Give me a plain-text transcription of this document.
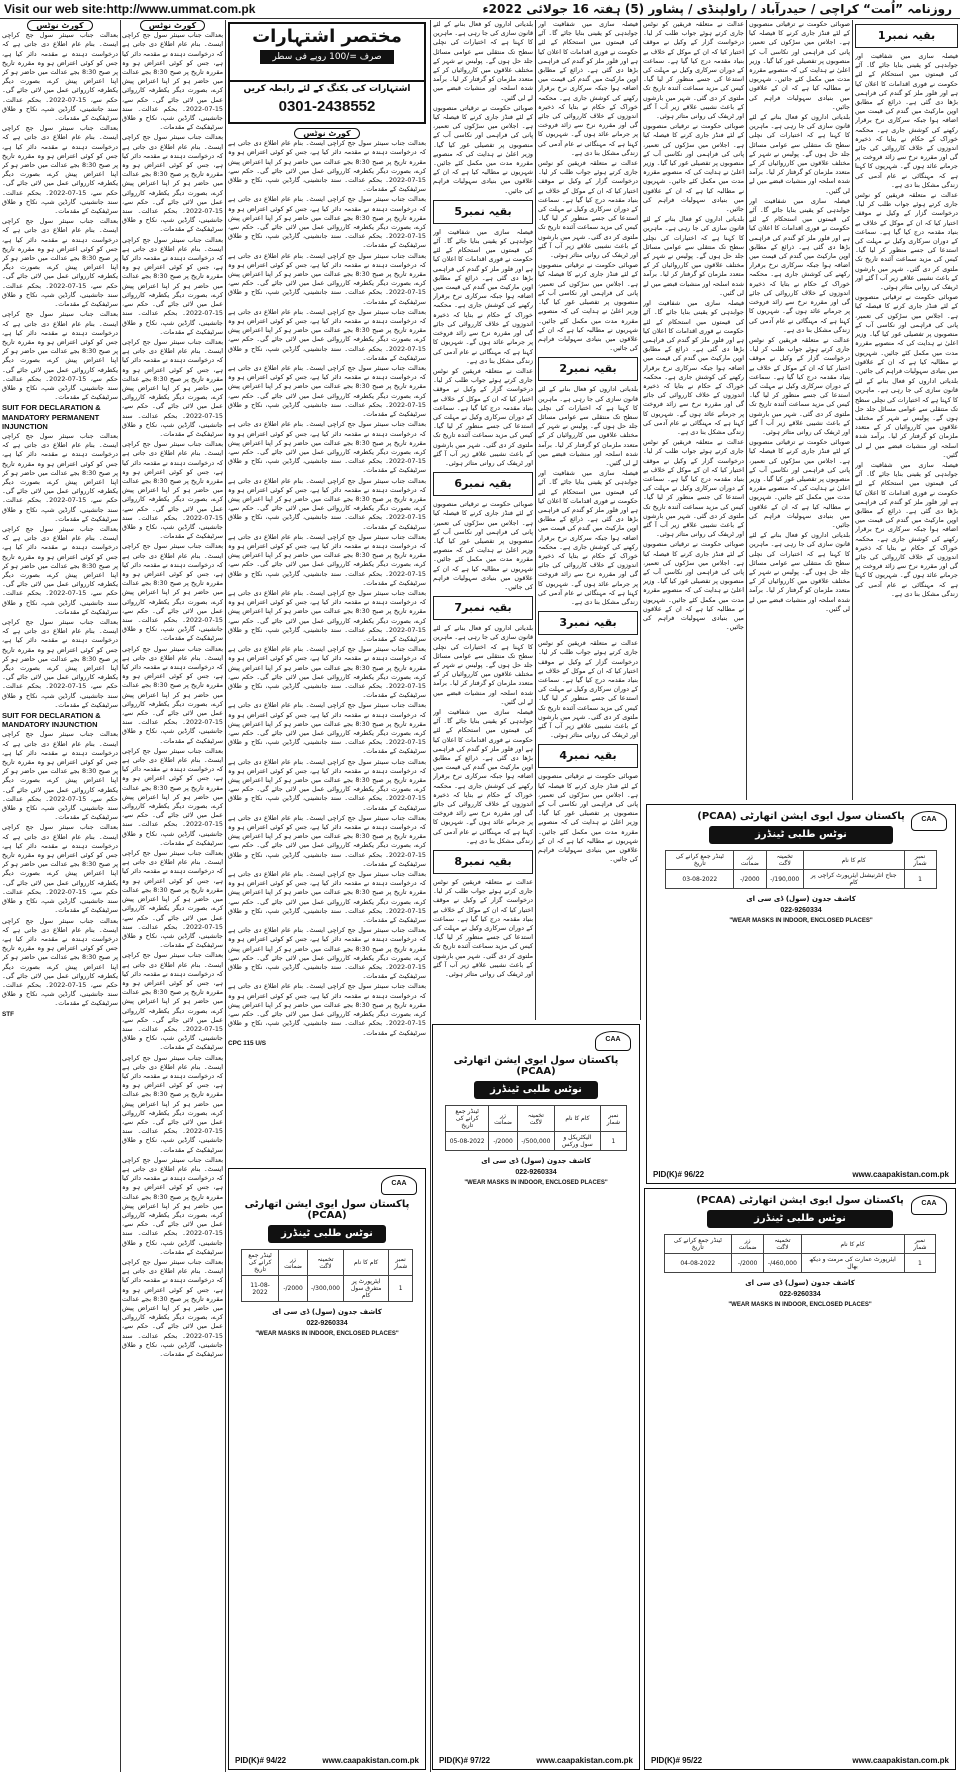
Visit our web site:http://www.ummat.com.pk	روزنامہ ”اُمت“ کراچی / حیدرآباد / راولپنڈی / پشاور (5) ہفتہ 16 جولائی 2022ء
کورٹ نوٹس

بعدالت جناب سینئر سول جج کراچی ایسٹ۔ بنام عام اطلاع دی جاتی ہے کہ درخواست دہندہ نے مقدمہ دائر کیا ہے، جس کو کوئی اعتراض ہو وہ مقررہ تاریخ پر صبح 8:30 بجے عدالت میں حاضر ہو کر اپنا اعتراض پیش کرے، بصورت دیگر یکطرفہ کارروائی عمل میں لائی جائے گی۔ حکم سے، 15-07-2022۔ بحکم عدالت۔ سند جانشینی، گارڈین شپ، نکاح و طلاق سرٹیفکیٹ کے مقدمات۔

بعدالت جناب سینئر سول جج کراچی ایسٹ۔ بنام عام اطلاع دی جاتی ہے کہ درخواست دہندہ نے مقدمہ دائر کیا ہے، جس کو کوئی اعتراض ہو وہ مقررہ تاریخ پر صبح 8:30 بجے عدالت میں حاضر ہو کر اپنا اعتراض پیش کرے، بصورت دیگر یکطرفہ کارروائی عمل میں لائی جائے گی۔ حکم سے، 15-07-2022۔ بحکم عدالت۔ سند جانشینی، گارڈین شپ، نکاح و طلاق سرٹیفکیٹ کے مقدمات۔

بعدالت جناب سینئر سول جج کراچی ایسٹ۔ بنام عام اطلاع دی جاتی ہے کہ درخواست دہندہ نے مقدمہ دائر کیا ہے، جس کو کوئی اعتراض ہو وہ مقررہ تاریخ پر صبح 8:30 بجے عدالت میں حاضر ہو کر اپنا اعتراض پیش کرے، بصورت دیگر یکطرفہ کارروائی عمل میں لائی جائے گی۔ حکم سے، 15-07-2022۔ بحکم عدالت۔ سند جانشینی، گارڈین شپ، نکاح و طلاق سرٹیفکیٹ کے مقدمات۔

بعدالت جناب سینئر سول جج کراچی ایسٹ۔ بنام عام اطلاع دی جاتی ہے کہ درخواست دہندہ نے مقدمہ دائر کیا ہے، جس کو کوئی اعتراض ہو وہ مقررہ تاریخ پر صبح 8:30 بجے عدالت میں حاضر ہو کر اپنا اعتراض پیش کرے، بصورت دیگر یکطرفہ کارروائی عمل میں لائی جائے گی۔ حکم سے، 15-07-2022۔ بحکم عدالت۔ سند جانشینی، گارڈین شپ، نکاح و طلاق سرٹیفکیٹ کے مقدمات۔

SUIT FOR DECLARATION & MANDATORY PERMANENT INJUNCTION

بعدالت جناب سینئر سول جج کراچی ایسٹ۔ بنام عام اطلاع دی جاتی ہے کہ درخواست دہندہ نے مقدمہ دائر کیا ہے، جس کو کوئی اعتراض ہو وہ مقررہ تاریخ پر صبح 8:30 بجے عدالت میں حاضر ہو کر اپنا اعتراض پیش کرے، بصورت دیگر یکطرفہ کارروائی عمل میں لائی جائے گی۔ حکم سے، 15-07-2022۔ بحکم عدالت۔ سند جانشینی، گارڈین شپ، نکاح و طلاق سرٹیفکیٹ کے مقدمات۔

بعدالت جناب سینئر سول جج کراچی ایسٹ۔ بنام عام اطلاع دی جاتی ہے کہ درخواست دہندہ نے مقدمہ دائر کیا ہے، جس کو کوئی اعتراض ہو وہ مقررہ تاریخ پر صبح 8:30 بجے عدالت میں حاضر ہو کر اپنا اعتراض پیش کرے، بصورت دیگر یکطرفہ کارروائی عمل میں لائی جائے گی۔ حکم سے، 15-07-2022۔ بحکم عدالت۔ سند جانشینی، گارڈین شپ، نکاح و طلاق سرٹیفکیٹ کے مقدمات۔

بعدالت جناب سینئر سول جج کراچی ایسٹ۔ بنام عام اطلاع دی جاتی ہے کہ درخواست دہندہ نے مقدمہ دائر کیا ہے، جس کو کوئی اعتراض ہو وہ مقررہ تاریخ پر صبح 8:30 بجے عدالت میں حاضر ہو کر اپنا اعتراض پیش کرے، بصورت دیگر یکطرفہ کارروائی عمل میں لائی جائے گی۔ حکم سے، 15-07-2022۔ بحکم عدالت۔ سند جانشینی، گارڈین شپ، نکاح و طلاق سرٹیفکیٹ کے مقدمات۔

SUIT FOR DECLARATION & MANDATORY INJUNCTION

بعدالت جناب سینئر سول جج کراچی ایسٹ۔ بنام عام اطلاع دی جاتی ہے کہ درخواست دہندہ نے مقدمہ دائر کیا ہے، جس کو کوئی اعتراض ہو وہ مقررہ تاریخ پر صبح 8:30 بجے عدالت میں حاضر ہو کر اپنا اعتراض پیش کرے، بصورت دیگر یکطرفہ کارروائی عمل میں لائی جائے گی۔ حکم سے، 15-07-2022۔ بحکم عدالت۔ سند جانشینی، گارڈین شپ، نکاح و طلاق سرٹیفکیٹ کے مقدمات۔

بعدالت جناب سینئر سول جج کراچی ایسٹ۔ بنام عام اطلاع دی جاتی ہے کہ درخواست دہندہ نے مقدمہ دائر کیا ہے، جس کو کوئی اعتراض ہو وہ مقررہ تاریخ پر صبح 8:30 بجے عدالت میں حاضر ہو کر اپنا اعتراض پیش کرے، بصورت دیگر یکطرفہ کارروائی عمل میں لائی جائے گی۔ حکم سے، 15-07-2022۔ بحکم عدالت۔ سند جانشینی، گارڈین شپ، نکاح و طلاق سرٹیفکیٹ کے مقدمات۔

بعدالت جناب سینئر سول جج کراچی ایسٹ۔ بنام عام اطلاع دی جاتی ہے کہ درخواست دہندہ نے مقدمہ دائر کیا ہے، جس کو کوئی اعتراض ہو وہ مقررہ تاریخ پر صبح 8:30 بجے عدالت میں حاضر ہو کر اپنا اعتراض پیش کرے، بصورت دیگر یکطرفہ کارروائی عمل میں لائی جائے گی۔ حکم سے، 15-07-2022۔ بحکم عدالت۔ سند جانشینی، گارڈین شپ، نکاح و طلاق سرٹیفکیٹ کے مقدمات۔

STF

کورٹ نوٹس

بعدالت جناب سینئر سول جج کراچی ایسٹ۔ بنام عام اطلاع دی جاتی ہے کہ درخواست دہندہ نے مقدمہ دائر کیا ہے، جس کو کوئی اعتراض ہو وہ مقررہ تاریخ پر صبح 8:30 بجے عدالت میں حاضر ہو کر اپنا اعتراض پیش کرے، بصورت دیگر یکطرفہ کارروائی عمل میں لائی جائے گی۔ حکم سے، 15-07-2022۔ بحکم عدالت۔ سند جانشینی، گارڈین شپ، نکاح و طلاق سرٹیفکیٹ کے مقدمات۔

بعدالت جناب سینئر سول جج کراچی ایسٹ۔ بنام عام اطلاع دی جاتی ہے کہ درخواست دہندہ نے مقدمہ دائر کیا ہے، جس کو کوئی اعتراض ہو وہ مقررہ تاریخ پر صبح 8:30 بجے عدالت میں حاضر ہو کر اپنا اعتراض پیش کرے، بصورت دیگر یکطرفہ کارروائی عمل میں لائی جائے گی۔ حکم سے، 15-07-2022۔ بحکم عدالت۔ سند جانشینی، گارڈین شپ، نکاح و طلاق سرٹیفکیٹ کے مقدمات۔

بعدالت جناب سینئر سول جج کراچی ایسٹ۔ بنام عام اطلاع دی جاتی ہے کہ درخواست دہندہ نے مقدمہ دائر کیا ہے، جس کو کوئی اعتراض ہو وہ مقررہ تاریخ پر صبح 8:30 بجے عدالت میں حاضر ہو کر اپنا اعتراض پیش کرے، بصورت دیگر یکطرفہ کارروائی عمل میں لائی جائے گی۔ حکم سے، 15-07-2022۔ بحکم عدالت۔ سند جانشینی، گارڈین شپ، نکاح و طلاق سرٹیفکیٹ کے مقدمات۔

بعدالت جناب سینئر سول جج کراچی ایسٹ۔ بنام عام اطلاع دی جاتی ہے کہ درخواست دہندہ نے مقدمہ دائر کیا ہے، جس کو کوئی اعتراض ہو وہ مقررہ تاریخ پر صبح 8:30 بجے عدالت میں حاضر ہو کر اپنا اعتراض پیش کرے، بصورت دیگر یکطرفہ کارروائی عمل میں لائی جائے گی۔ حکم سے، 15-07-2022۔ بحکم عدالت۔ سند جانشینی، گارڈین شپ، نکاح و طلاق سرٹیفکیٹ کے مقدمات۔

بعدالت جناب سینئر سول جج کراچی ایسٹ۔ بنام عام اطلاع دی جاتی ہے کہ درخواست دہندہ نے مقدمہ دائر کیا ہے، جس کو کوئی اعتراض ہو وہ مقررہ تاریخ پر صبح 8:30 بجے عدالت میں حاضر ہو کر اپنا اعتراض پیش کرے، بصورت دیگر یکطرفہ کارروائی عمل میں لائی جائے گی۔ حکم سے، 15-07-2022۔ بحکم عدالت۔ سند جانشینی، گارڈین شپ، نکاح و طلاق سرٹیفکیٹ کے مقدمات۔

بعدالت جناب سینئر سول جج کراچی ایسٹ۔ بنام عام اطلاع دی جاتی ہے کہ درخواست دہندہ نے مقدمہ دائر کیا ہے، جس کو کوئی اعتراض ہو وہ مقررہ تاریخ پر صبح 8:30 بجے عدالت میں حاضر ہو کر اپنا اعتراض پیش کرے، بصورت دیگر یکطرفہ کارروائی عمل میں لائی جائے گی۔ حکم سے، 15-07-2022۔ بحکم عدالت۔ سند جانشینی، گارڈین شپ، نکاح و طلاق سرٹیفکیٹ کے مقدمات۔

بعدالت جناب سینئر سول جج کراچی ایسٹ۔ بنام عام اطلاع دی جاتی ہے کہ درخواست دہندہ نے مقدمہ دائر کیا ہے، جس کو کوئی اعتراض ہو وہ مقررہ تاریخ پر صبح 8:30 بجے عدالت میں حاضر ہو کر اپنا اعتراض پیش کرے، بصورت دیگر یکطرفہ کارروائی عمل میں لائی جائے گی۔ حکم سے، 15-07-2022۔ بحکم عدالت۔ سند جانشینی، گارڈین شپ، نکاح و طلاق سرٹیفکیٹ کے مقدمات۔

بعدالت جناب سینئر سول جج کراچی ایسٹ۔ بنام عام اطلاع دی جاتی ہے کہ درخواست دہندہ نے مقدمہ دائر کیا ہے، جس کو کوئی اعتراض ہو وہ مقررہ تاریخ پر صبح 8:30 بجے عدالت میں حاضر ہو کر اپنا اعتراض پیش کرے، بصورت دیگر یکطرفہ کارروائی عمل میں لائی جائے گی۔ حکم سے، 15-07-2022۔ بحکم عدالت۔ سند جانشینی، گارڈین شپ، نکاح و طلاق سرٹیفکیٹ کے مقدمات۔

بعدالت جناب سینئر سول جج کراچی ایسٹ۔ بنام عام اطلاع دی جاتی ہے کہ درخواست دہندہ نے مقدمہ دائر کیا ہے، جس کو کوئی اعتراض ہو وہ مقررہ تاریخ پر صبح 8:30 بجے عدالت میں حاضر ہو کر اپنا اعتراض پیش کرے، بصورت دیگر یکطرفہ کارروائی عمل میں لائی جائے گی۔ حکم سے، 15-07-2022۔ بحکم عدالت۔ سند جانشینی، گارڈین شپ، نکاح و طلاق سرٹیفکیٹ کے مقدمات۔

بعدالت جناب سینئر سول جج کراچی ایسٹ۔ بنام عام اطلاع دی جاتی ہے کہ درخواست دہندہ نے مقدمہ دائر کیا ہے، جس کو کوئی اعتراض ہو وہ مقررہ تاریخ پر صبح 8:30 بجے عدالت میں حاضر ہو کر اپنا اعتراض پیش کرے، بصورت دیگر یکطرفہ کارروائی عمل میں لائی جائے گی۔ حکم سے، 15-07-2022۔ بحکم عدالت۔ سند جانشینی، گارڈین شپ، نکاح و طلاق سرٹیفکیٹ کے مقدمات۔

بعدالت جناب سینئر سول جج کراچی ایسٹ۔ بنام عام اطلاع دی جاتی ہے کہ درخواست دہندہ نے مقدمہ دائر کیا ہے، جس کو کوئی اعتراض ہو وہ مقررہ تاریخ پر صبح 8:30 بجے عدالت میں حاضر ہو کر اپنا اعتراض پیش کرے، بصورت دیگر یکطرفہ کارروائی عمل میں لائی جائے گی۔ حکم سے، 15-07-2022۔ بحکم عدالت۔ سند جانشینی، گارڈین شپ، نکاح و طلاق سرٹیفکیٹ کے مقدمات۔

بعدالت جناب سینئر سول جج کراچی ایسٹ۔ بنام عام اطلاع دی جاتی ہے کہ درخواست دہندہ نے مقدمہ دائر کیا ہے، جس کو کوئی اعتراض ہو وہ مقررہ تاریخ پر صبح 8:30 بجے عدالت میں حاضر ہو کر اپنا اعتراض پیش کرے، بصورت دیگر یکطرفہ کارروائی عمل میں لائی جائے گی۔ حکم سے، 15-07-2022۔ بحکم عدالت۔ سند جانشینی، گارڈین شپ، نکاح و طلاق سرٹیفکیٹ کے مقدمات۔

بعدالت جناب سینئر سول جج کراچی ایسٹ۔ بنام عام اطلاع دی جاتی ہے کہ درخواست دہندہ نے مقدمہ دائر کیا ہے، جس کو کوئی اعتراض ہو وہ مقررہ تاریخ پر صبح 8:30 بجے عدالت میں حاضر ہو کر اپنا اعتراض پیش کرے، بصورت دیگر یکطرفہ کارروائی عمل میں لائی جائے گی۔ حکم سے، 15-07-2022۔ بحکم عدالت۔ سند جانشینی، گارڈین شپ، نکاح و طلاق سرٹیفکیٹ کے مقدمات۔

مختصر اشتہارات
صرف =/100 روپے فی سطر
اشتہارات کی بکنگ کے لئے رابطہ کریں
0301-2438552
کورٹ نوٹس

بعدالت جناب سینئر سول جج کراچی ایسٹ۔ بنام عام اطلاع دی جاتی ہے کہ درخواست دہندہ نے مقدمہ دائر کیا ہے، جس کو کوئی اعتراض ہو وہ مقررہ تاریخ پر صبح 8:30 بجے عدالت میں حاضر ہو کر اپنا اعتراض پیش کرے، بصورت دیگر یکطرفہ کارروائی عمل میں لائی جائے گی۔ حکم سے، 15-07-2022۔ بحکم عدالت۔ سند جانشینی، گارڈین شپ، نکاح و طلاق سرٹیفکیٹ کے مقدمات۔

بعدالت جناب سینئر سول جج کراچی ایسٹ۔ بنام عام اطلاع دی جاتی ہے کہ درخواست دہندہ نے مقدمہ دائر کیا ہے، جس کو کوئی اعتراض ہو وہ مقررہ تاریخ پر صبح 8:30 بجے عدالت میں حاضر ہو کر اپنا اعتراض پیش کرے، بصورت دیگر یکطرفہ کارروائی عمل میں لائی جائے گی۔ حکم سے، 15-07-2022۔ بحکم عدالت۔ سند جانشینی، گارڈین شپ، نکاح و طلاق سرٹیفکیٹ کے مقدمات۔

بعدالت جناب سینئر سول جج کراچی ایسٹ۔ بنام عام اطلاع دی جاتی ہے کہ درخواست دہندہ نے مقدمہ دائر کیا ہے، جس کو کوئی اعتراض ہو وہ مقررہ تاریخ پر صبح 8:30 بجے عدالت میں حاضر ہو کر اپنا اعتراض پیش کرے، بصورت دیگر یکطرفہ کارروائی عمل میں لائی جائے گی۔ حکم سے، 15-07-2022۔ بحکم عدالت۔ سند جانشینی، گارڈین شپ، نکاح و طلاق سرٹیفکیٹ کے مقدمات۔

بعدالت جناب سینئر سول جج کراچی ایسٹ۔ بنام عام اطلاع دی جاتی ہے کہ درخواست دہندہ نے مقدمہ دائر کیا ہے، جس کو کوئی اعتراض ہو وہ مقررہ تاریخ پر صبح 8:30 بجے عدالت میں حاضر ہو کر اپنا اعتراض پیش کرے، بصورت دیگر یکطرفہ کارروائی عمل میں لائی جائے گی۔ حکم سے، 15-07-2022۔ بحکم عدالت۔ سند جانشینی، گارڈین شپ، نکاح و طلاق سرٹیفکیٹ کے مقدمات۔

بعدالت جناب سینئر سول جج کراچی ایسٹ۔ بنام عام اطلاع دی جاتی ہے کہ درخواست دہندہ نے مقدمہ دائر کیا ہے، جس کو کوئی اعتراض ہو وہ مقررہ تاریخ پر صبح 8:30 بجے عدالت میں حاضر ہو کر اپنا اعتراض پیش کرے، بصورت دیگر یکطرفہ کارروائی عمل میں لائی جائے گی۔ حکم سے، 15-07-2022۔ بحکم عدالت۔ سند جانشینی، گارڈین شپ، نکاح و طلاق سرٹیفکیٹ کے مقدمات۔

بعدالت جناب سینئر سول جج کراچی ایسٹ۔ بنام عام اطلاع دی جاتی ہے کہ درخواست دہندہ نے مقدمہ دائر کیا ہے، جس کو کوئی اعتراض ہو وہ مقررہ تاریخ پر صبح 8:30 بجے عدالت میں حاضر ہو کر اپنا اعتراض پیش کرے، بصورت دیگر یکطرفہ کارروائی عمل میں لائی جائے گی۔ حکم سے، 15-07-2022۔ بحکم عدالت۔ سند جانشینی، گارڈین شپ، نکاح و طلاق سرٹیفکیٹ کے مقدمات۔

بعدالت جناب سینئر سول جج کراچی ایسٹ۔ بنام عام اطلاع دی جاتی ہے کہ درخواست دہندہ نے مقدمہ دائر کیا ہے، جس کو کوئی اعتراض ہو وہ مقررہ تاریخ پر صبح 8:30 بجے عدالت میں حاضر ہو کر اپنا اعتراض پیش کرے، بصورت دیگر یکطرفہ کارروائی عمل میں لائی جائے گی۔ حکم سے، 15-07-2022۔ بحکم عدالت۔ سند جانشینی، گارڈین شپ، نکاح و طلاق سرٹیفکیٹ کے مقدمات۔

بعدالت جناب سینئر سول جج کراچی ایسٹ۔ بنام عام اطلاع دی جاتی ہے کہ درخواست دہندہ نے مقدمہ دائر کیا ہے، جس کو کوئی اعتراض ہو وہ مقررہ تاریخ پر صبح 8:30 بجے عدالت میں حاضر ہو کر اپنا اعتراض پیش کرے، بصورت دیگر یکطرفہ کارروائی عمل میں لائی جائے گی۔ حکم سے، 15-07-2022۔ بحکم عدالت۔ سند جانشینی، گارڈین شپ، نکاح و طلاق سرٹیفکیٹ کے مقدمات۔

بعدالت جناب سینئر سول جج کراچی ایسٹ۔ بنام عام اطلاع دی جاتی ہے کہ درخواست دہندہ نے مقدمہ دائر کیا ہے، جس کو کوئی اعتراض ہو وہ مقررہ تاریخ پر صبح 8:30 بجے عدالت میں حاضر ہو کر اپنا اعتراض پیش کرے، بصورت دیگر یکطرفہ کارروائی عمل میں لائی جائے گی۔ حکم سے، 15-07-2022۔ بحکم عدالت۔ سند جانشینی، گارڈین شپ، نکاح و طلاق سرٹیفکیٹ کے مقدمات۔

بعدالت جناب سینئر سول جج کراچی ایسٹ۔ بنام عام اطلاع دی جاتی ہے کہ درخواست دہندہ نے مقدمہ دائر کیا ہے، جس کو کوئی اعتراض ہو وہ مقررہ تاریخ پر صبح 8:30 بجے عدالت میں حاضر ہو کر اپنا اعتراض پیش کرے، بصورت دیگر یکطرفہ کارروائی عمل میں لائی جائے گی۔ حکم سے، 15-07-2022۔ بحکم عدالت۔ سند جانشینی، گارڈین شپ، نکاح و طلاق سرٹیفکیٹ کے مقدمات۔

بعدالت جناب سینئر سول جج کراچی ایسٹ۔ بنام عام اطلاع دی جاتی ہے کہ درخواست دہندہ نے مقدمہ دائر کیا ہے، جس کو کوئی اعتراض ہو وہ مقررہ تاریخ پر صبح 8:30 بجے عدالت میں حاضر ہو کر اپنا اعتراض پیش کرے، بصورت دیگر یکطرفہ کارروائی عمل میں لائی جائے گی۔ حکم سے، 15-07-2022۔ بحکم عدالت۔ سند جانشینی، گارڈین شپ، نکاح و طلاق سرٹیفکیٹ کے مقدمات۔

بعدالت جناب سینئر سول جج کراچی ایسٹ۔ بنام عام اطلاع دی جاتی ہے کہ درخواست دہندہ نے مقدمہ دائر کیا ہے، جس کو کوئی اعتراض ہو وہ مقررہ تاریخ پر صبح 8:30 بجے عدالت میں حاضر ہو کر اپنا اعتراض پیش کرے، بصورت دیگر یکطرفہ کارروائی عمل میں لائی جائے گی۔ حکم سے، 15-07-2022۔ بحکم عدالت۔ سند جانشینی، گارڈین شپ، نکاح و طلاق سرٹیفکیٹ کے مقدمات۔

بعدالت جناب سینئر سول جج کراچی ایسٹ۔ بنام عام اطلاع دی جاتی ہے کہ درخواست دہندہ نے مقدمہ دائر کیا ہے، جس کو کوئی اعتراض ہو وہ مقررہ تاریخ پر صبح 8:30 بجے عدالت میں حاضر ہو کر اپنا اعتراض پیش کرے، بصورت دیگر یکطرفہ کارروائی عمل میں لائی جائے گی۔ حکم سے، 15-07-2022۔ بحکم عدالت۔ سند جانشینی، گارڈین شپ، نکاح و طلاق سرٹیفکیٹ کے مقدمات۔

بعدالت جناب سینئر سول جج کراچی ایسٹ۔ بنام عام اطلاع دی جاتی ہے کہ درخواست دہندہ نے مقدمہ دائر کیا ہے، جس کو کوئی اعتراض ہو وہ مقررہ تاریخ پر صبح 8:30 بجے عدالت میں حاضر ہو کر اپنا اعتراض پیش کرے، بصورت دیگر یکطرفہ کارروائی عمل میں لائی جائے گی۔ حکم سے، 15-07-2022۔ بحکم عدالت۔ سند جانشینی، گارڈین شپ، نکاح و طلاق سرٹیفکیٹ کے مقدمات۔

بعدالت جناب سینئر سول جج کراچی ایسٹ۔ بنام عام اطلاع دی جاتی ہے کہ درخواست دہندہ نے مقدمہ دائر کیا ہے، جس کو کوئی اعتراض ہو وہ مقررہ تاریخ پر صبح 8:30 بجے عدالت میں حاضر ہو کر اپنا اعتراض پیش کرے، بصورت دیگر یکطرفہ کارروائی عمل میں لائی جائے گی۔ حکم سے، 15-07-2022۔ بحکم عدالت۔ سند جانشینی، گارڈین شپ، نکاح و طلاق سرٹیفکیٹ کے مقدمات۔

بعدالت جناب سینئر سول جج کراچی ایسٹ۔ بنام عام اطلاع دی جاتی ہے کہ درخواست دہندہ نے مقدمہ دائر کیا ہے، جس کو کوئی اعتراض ہو وہ مقررہ تاریخ پر صبح 8:30 بجے عدالت میں حاضر ہو کر اپنا اعتراض پیش کرے، بصورت دیگر یکطرفہ کارروائی عمل میں لائی جائے گی۔ حکم سے، 15-07-2022۔ بحکم عدالت۔ سند جانشینی، گارڈین شپ، نکاح و طلاق سرٹیفکیٹ کے مقدمات۔

CPC 115 U/S

بلدیاتی اداروں کو فعال بنانے کے لئے قانون سازی کی جا رہی ہے۔ ماہرین کا کہنا ہے کہ اختیارات کی نچلی سطح تک منتقلی سے عوامی مسائل جلد حل ہوں گے۔ پولیس نے شہر کے مختلف علاقوں میں کارروائیاں کر کے متعدد ملزمان کو گرفتار کر لیا۔ برآمد شدہ اسلحہ اور منشیات قبضے میں لے لی گئیں۔

صوبائی حکومت نے ترقیاتی منصوبوں کے لئے فنڈز جاری کرنے کا فیصلہ کیا ہے۔ اجلاس میں سڑکوں کی تعمیر، پانی کی فراہمی اور نکاسی آب کے منصوبوں پر تفصیلی غور کیا گیا۔ وزیر اعلیٰ نے ہدایت کی کہ منصوبے مقررہ مدت میں مکمل کئے جائیں۔ شہریوں نے مطالبہ کیا ہے کہ ان کے علاقوں میں بنیادی سہولیات فراہم کی جائیں۔

بقیہ نمبر5

فیصلہ سازی میں شفافیت اور جوابدہی کو یقینی بنایا جائے گا۔ آٹے کی قیمتوں میں استحکام کے لئے حکومت نے فوری اقدامات کا اعلان کیا ہے اور فلور ملز کو گندم کی فراہمی بڑھا دی گئی ہے۔ ذرائع کے مطابق اوپن مارکیٹ میں گندم کی قیمت میں اضافہ ہوا جبکہ سرکاری نرخ برقرار رکھنے کی کوشش جاری ہے۔ محکمہ خوراک کے حکام نے بتایا کہ ذخیرہ اندوزوں کے خلاف کارروائی کی جائے گی اور مقررہ نرخ سے زائد فروخت پر جرمانے عائد ہوں گے۔ شہریوں کا کہنا ہے کہ مہنگائی نے عام آدمی کی زندگی مشکل بنا دی ہے۔

عدالت نے متعلقہ فریقین کو نوٹس جاری کرتے ہوئے جواب طلب کر لیا۔ درخواست گزار کے وکیل نے موقف اختیار کیا کہ ان کے موکل کے خلاف بے بنیاد مقدمہ درج کیا گیا ہے۔ سماعت کے دوران سرکاری وکیل نے مہلت کی استدعا کی جسے منظور کر لیا گیا۔ کیس کی مزید سماعت آئندہ تاریخ تک ملتوی کر دی گئی۔ شہر میں بارشوں کے باعث نشیبی علاقے زیر آب آ گئے اور ٹریفک کی روانی متاثر ہوئی۔

بقیہ نمبر6

صوبائی حکومت نے ترقیاتی منصوبوں کے لئے فنڈز جاری کرنے کا فیصلہ کیا ہے۔ اجلاس میں سڑکوں کی تعمیر، پانی کی فراہمی اور نکاسی آب کے منصوبوں پر تفصیلی غور کیا گیا۔ وزیر اعلیٰ نے ہدایت کی کہ منصوبے مقررہ مدت میں مکمل کئے جائیں۔ شہریوں نے مطالبہ کیا ہے کہ ان کے علاقوں میں بنیادی سہولیات فراہم کی جائیں۔

بقیہ نمبر7

بلدیاتی اداروں کو فعال بنانے کے لئے قانون سازی کی جا رہی ہے۔ ماہرین کا کہنا ہے کہ اختیارات کی نچلی سطح تک منتقلی سے عوامی مسائل جلد حل ہوں گے۔ پولیس نے شہر کے مختلف علاقوں میں کارروائیاں کر کے متعدد ملزمان کو گرفتار کر لیا۔ برآمد شدہ اسلحہ اور منشیات قبضے میں لے لی گئیں۔

فیصلہ سازی میں شفافیت اور جوابدہی کو یقینی بنایا جائے گا۔ آٹے کی قیمتوں میں استحکام کے لئے حکومت نے فوری اقدامات کا اعلان کیا ہے اور فلور ملز کو گندم کی فراہمی بڑھا دی گئی ہے۔ ذرائع کے مطابق اوپن مارکیٹ میں گندم کی قیمت میں اضافہ ہوا جبکہ سرکاری نرخ برقرار رکھنے کی کوشش جاری ہے۔ محکمہ خوراک کے حکام نے بتایا کہ ذخیرہ اندوزوں کے خلاف کارروائی کی جائے گی اور مقررہ نرخ سے زائد فروخت پر جرمانے عائد ہوں گے۔ شہریوں کا کہنا ہے کہ مہنگائی نے عام آدمی کی زندگی مشکل بنا دی ہے۔

بقیہ نمبر8

عدالت نے متعلقہ فریقین کو نوٹس جاری کرتے ہوئے جواب طلب کر لیا۔ درخواست گزار کے وکیل نے موقف اختیار کیا کہ ان کے موکل کے خلاف بے بنیاد مقدمہ درج کیا گیا ہے۔ سماعت کے دوران سرکاری وکیل نے مہلت کی استدعا کی جسے منظور کر لیا گیا۔ کیس کی مزید سماعت آئندہ تاریخ تک ملتوی کر دی گئی۔ شہر میں بارشوں کے باعث نشیبی علاقے زیر آب آ گئے اور ٹریفک کی روانی متاثر ہوئی۔

فیصلہ سازی میں شفافیت اور جوابدہی کو یقینی بنایا جائے گا۔ آٹے کی قیمتوں میں استحکام کے لئے حکومت نے فوری اقدامات کا اعلان کیا ہے اور فلور ملز کو گندم کی فراہمی بڑھا دی گئی ہے۔ ذرائع کے مطابق اوپن مارکیٹ میں گندم کی قیمت میں اضافہ ہوا جبکہ سرکاری نرخ برقرار رکھنے کی کوشش جاری ہے۔ محکمہ خوراک کے حکام نے بتایا کہ ذخیرہ اندوزوں کے خلاف کارروائی کی جائے گی اور مقررہ نرخ سے زائد فروخت پر جرمانے عائد ہوں گے۔ شہریوں کا کہنا ہے کہ مہنگائی نے عام آدمی کی زندگی مشکل بنا دی ہے۔

عدالت نے متعلقہ فریقین کو نوٹس جاری کرتے ہوئے جواب طلب کر لیا۔ درخواست گزار کے وکیل نے موقف اختیار کیا کہ ان کے موکل کے خلاف بے بنیاد مقدمہ درج کیا گیا ہے۔ سماعت کے دوران سرکاری وکیل نے مہلت کی استدعا کی جسے منظور کر لیا گیا۔ کیس کی مزید سماعت آئندہ تاریخ تک ملتوی کر دی گئی۔ شہر میں بارشوں کے باعث نشیبی علاقے زیر آب آ گئے اور ٹریفک کی روانی متاثر ہوئی۔

صوبائی حکومت نے ترقیاتی منصوبوں کے لئے فنڈز جاری کرنے کا فیصلہ کیا ہے۔ اجلاس میں سڑکوں کی تعمیر، پانی کی فراہمی اور نکاسی آب کے منصوبوں پر تفصیلی غور کیا گیا۔ وزیر اعلیٰ نے ہدایت کی کہ منصوبے مقررہ مدت میں مکمل کئے جائیں۔ شہریوں نے مطالبہ کیا ہے کہ ان کے علاقوں میں بنیادی سہولیات فراہم کی جائیں۔

بقیہ نمبر2

بلدیاتی اداروں کو فعال بنانے کے لئے قانون سازی کی جا رہی ہے۔ ماہرین کا کہنا ہے کہ اختیارات کی نچلی سطح تک منتقلی سے عوامی مسائل جلد حل ہوں گے۔ پولیس نے شہر کے مختلف علاقوں میں کارروائیاں کر کے متعدد ملزمان کو گرفتار کر لیا۔ برآمد شدہ اسلحہ اور منشیات قبضے میں لے لی گئیں۔

فیصلہ سازی میں شفافیت اور جوابدہی کو یقینی بنایا جائے گا۔ آٹے کی قیمتوں میں استحکام کے لئے حکومت نے فوری اقدامات کا اعلان کیا ہے اور فلور ملز کو گندم کی فراہمی بڑھا دی گئی ہے۔ ذرائع کے مطابق اوپن مارکیٹ میں گندم کی قیمت میں اضافہ ہوا جبکہ سرکاری نرخ برقرار رکھنے کی کوشش جاری ہے۔ محکمہ خوراک کے حکام نے بتایا کہ ذخیرہ اندوزوں کے خلاف کارروائی کی جائے گی اور مقررہ نرخ سے زائد فروخت پر جرمانے عائد ہوں گے۔ شہریوں کا کہنا ہے کہ مہنگائی نے عام آدمی کی زندگی مشکل بنا دی ہے۔

بقیہ نمبر3

عدالت نے متعلقہ فریقین کو نوٹس جاری کرتے ہوئے جواب طلب کر لیا۔ درخواست گزار کے وکیل نے موقف اختیار کیا کہ ان کے موکل کے خلاف بے بنیاد مقدمہ درج کیا گیا ہے۔ سماعت کے دوران سرکاری وکیل نے مہلت کی استدعا کی جسے منظور کر لیا گیا۔ کیس کی مزید سماعت آئندہ تاریخ تک ملتوی کر دی گئی۔ شہر میں بارشوں کے باعث نشیبی علاقے زیر آب آ گئے اور ٹریفک کی روانی متاثر ہوئی۔

بقیہ نمبر4

صوبائی حکومت نے ترقیاتی منصوبوں کے لئے فنڈز جاری کرنے کا فیصلہ کیا ہے۔ اجلاس میں سڑکوں کی تعمیر، پانی کی فراہمی اور نکاسی آب کے منصوبوں پر تفصیلی غور کیا گیا۔ وزیر اعلیٰ نے ہدایت کی کہ منصوبے مقررہ مدت میں مکمل کئے جائیں۔ شہریوں نے مطالبہ کیا ہے کہ ان کے علاقوں میں بنیادی سہولیات فراہم کی جائیں۔

عدالت نے متعلقہ فریقین کو نوٹس جاری کرتے ہوئے جواب طلب کر لیا۔ درخواست گزار کے وکیل نے موقف اختیار کیا کہ ان کے موکل کے خلاف بے بنیاد مقدمہ درج کیا گیا ہے۔ سماعت کے دوران سرکاری وکیل نے مہلت کی استدعا کی جسے منظور کر لیا گیا۔ کیس کی مزید سماعت آئندہ تاریخ تک ملتوی کر دی گئی۔ شہر میں بارشوں کے باعث نشیبی علاقے زیر آب آ گئے اور ٹریفک کی روانی متاثر ہوئی۔

صوبائی حکومت نے ترقیاتی منصوبوں کے لئے فنڈز جاری کرنے کا فیصلہ کیا ہے۔ اجلاس میں سڑکوں کی تعمیر، پانی کی فراہمی اور نکاسی آب کے منصوبوں پر تفصیلی غور کیا گیا۔ وزیر اعلیٰ نے ہدایت کی کہ منصوبے مقررہ مدت میں مکمل کئے جائیں۔ شہریوں نے مطالبہ کیا ہے کہ ان کے علاقوں میں بنیادی سہولیات فراہم کی جائیں۔

بلدیاتی اداروں کو فعال بنانے کے لئے قانون سازی کی جا رہی ہے۔ ماہرین کا کہنا ہے کہ اختیارات کی نچلی سطح تک منتقلی سے عوامی مسائل جلد حل ہوں گے۔ پولیس نے شہر کے مختلف علاقوں میں کارروائیاں کر کے متعدد ملزمان کو گرفتار کر لیا۔ برآمد شدہ اسلحہ اور منشیات قبضے میں لے لی گئیں۔

فیصلہ سازی میں شفافیت اور جوابدہی کو یقینی بنایا جائے گا۔ آٹے کی قیمتوں میں استحکام کے لئے حکومت نے فوری اقدامات کا اعلان کیا ہے اور فلور ملز کو گندم کی فراہمی بڑھا دی گئی ہے۔ ذرائع کے مطابق اوپن مارکیٹ میں گندم کی قیمت میں اضافہ ہوا جبکہ سرکاری نرخ برقرار رکھنے کی کوشش جاری ہے۔ محکمہ خوراک کے حکام نے بتایا کہ ذخیرہ اندوزوں کے خلاف کارروائی کی جائے گی اور مقررہ نرخ سے زائد فروخت پر جرمانے عائد ہوں گے۔ شہریوں کا کہنا ہے کہ مہنگائی نے عام آدمی کی زندگی مشکل بنا دی ہے۔

عدالت نے متعلقہ فریقین کو نوٹس جاری کرتے ہوئے جواب طلب کر لیا۔ درخواست گزار کے وکیل نے موقف اختیار کیا کہ ان کے موکل کے خلاف بے بنیاد مقدمہ درج کیا گیا ہے۔ سماعت کے دوران سرکاری وکیل نے مہلت کی استدعا کی جسے منظور کر لیا گیا۔ کیس کی مزید سماعت آئندہ تاریخ تک ملتوی کر دی گئی۔ شہر میں بارشوں کے باعث نشیبی علاقے زیر آب آ گئے اور ٹریفک کی روانی متاثر ہوئی۔

صوبائی حکومت نے ترقیاتی منصوبوں کے لئے فنڈز جاری کرنے کا فیصلہ کیا ہے۔ اجلاس میں سڑکوں کی تعمیر، پانی کی فراہمی اور نکاسی آب کے منصوبوں پر تفصیلی غور کیا گیا۔ وزیر اعلیٰ نے ہدایت کی کہ منصوبے مقررہ مدت میں مکمل کئے جائیں۔ شہریوں نے مطالبہ کیا ہے کہ ان کے علاقوں میں بنیادی سہولیات فراہم کی جائیں۔

صوبائی حکومت نے ترقیاتی منصوبوں کے لئے فنڈز جاری کرنے کا فیصلہ کیا ہے۔ اجلاس میں سڑکوں کی تعمیر، پانی کی فراہمی اور نکاسی آب کے منصوبوں پر تفصیلی غور کیا گیا۔ وزیر اعلیٰ نے ہدایت کی کہ منصوبے مقررہ مدت میں مکمل کئے جائیں۔ شہریوں نے مطالبہ کیا ہے کہ ان کے علاقوں میں بنیادی سہولیات فراہم کی جائیں۔

بلدیاتی اداروں کو فعال بنانے کے لئے قانون سازی کی جا رہی ہے۔ ماہرین کا کہنا ہے کہ اختیارات کی نچلی سطح تک منتقلی سے عوامی مسائل جلد حل ہوں گے۔ پولیس نے شہر کے مختلف علاقوں میں کارروائیاں کر کے متعدد ملزمان کو گرفتار کر لیا۔ برآمد شدہ اسلحہ اور منشیات قبضے میں لے لی گئیں۔

فیصلہ سازی میں شفافیت اور جوابدہی کو یقینی بنایا جائے گا۔ آٹے کی قیمتوں میں استحکام کے لئے حکومت نے فوری اقدامات کا اعلان کیا ہے اور فلور ملز کو گندم کی فراہمی بڑھا دی گئی ہے۔ ذرائع کے مطابق اوپن مارکیٹ میں گندم کی قیمت میں اضافہ ہوا جبکہ سرکاری نرخ برقرار رکھنے کی کوشش جاری ہے۔ محکمہ خوراک کے حکام نے بتایا کہ ذخیرہ اندوزوں کے خلاف کارروائی کی جائے گی اور مقررہ نرخ سے زائد فروخت پر جرمانے عائد ہوں گے۔ شہریوں کا کہنا ہے کہ مہنگائی نے عام آدمی کی زندگی مشکل بنا دی ہے۔

عدالت نے متعلقہ فریقین کو نوٹس جاری کرتے ہوئے جواب طلب کر لیا۔ درخواست گزار کے وکیل نے موقف اختیار کیا کہ ان کے موکل کے خلاف بے بنیاد مقدمہ درج کیا گیا ہے۔ سماعت کے دوران سرکاری وکیل نے مہلت کی استدعا کی جسے منظور کر لیا گیا۔ کیس کی مزید سماعت آئندہ تاریخ تک ملتوی کر دی گئی۔ شہر میں بارشوں کے باعث نشیبی علاقے زیر آب آ گئے اور ٹریفک کی روانی متاثر ہوئی۔

صوبائی حکومت نے ترقیاتی منصوبوں کے لئے فنڈز جاری کرنے کا فیصلہ کیا ہے۔ اجلاس میں سڑکوں کی تعمیر، پانی کی فراہمی اور نکاسی آب کے منصوبوں پر تفصیلی غور کیا گیا۔ وزیر اعلیٰ نے ہدایت کی کہ منصوبے مقررہ مدت میں مکمل کئے جائیں۔ شہریوں نے مطالبہ کیا ہے کہ ان کے علاقوں میں بنیادی سہولیات فراہم کی جائیں۔

بلدیاتی اداروں کو فعال بنانے کے لئے قانون سازی کی جا رہی ہے۔ ماہرین کا کہنا ہے کہ اختیارات کی نچلی سطح تک منتقلی سے عوامی مسائل جلد حل ہوں گے۔ پولیس نے شہر کے مختلف علاقوں میں کارروائیاں کر کے متعدد ملزمان کو گرفتار کر لیا۔ برآمد شدہ اسلحہ اور منشیات قبضے میں لے لی گئیں۔

بقیہ نمبر1

فیصلہ سازی میں شفافیت اور جوابدہی کو یقینی بنایا جائے گا۔ آٹے کی قیمتوں میں استحکام کے لئے حکومت نے فوری اقدامات کا اعلان کیا ہے اور فلور ملز کو گندم کی فراہمی بڑھا دی گئی ہے۔ ذرائع کے مطابق اوپن مارکیٹ میں گندم کی قیمت میں اضافہ ہوا جبکہ سرکاری نرخ برقرار رکھنے کی کوشش جاری ہے۔ محکمہ خوراک کے حکام نے بتایا کہ ذخیرہ اندوزوں کے خلاف کارروائی کی جائے گی اور مقررہ نرخ سے زائد فروخت پر جرمانے عائد ہوں گے۔ شہریوں کا کہنا ہے کہ مہنگائی نے عام آدمی کی زندگی مشکل بنا دی ہے۔

عدالت نے متعلقہ فریقین کو نوٹس جاری کرتے ہوئے جواب طلب کر لیا۔ درخواست گزار کے وکیل نے موقف اختیار کیا کہ ان کے موکل کے خلاف بے بنیاد مقدمہ درج کیا گیا ہے۔ سماعت کے دوران سرکاری وکیل نے مہلت کی استدعا کی جسے منظور کر لیا گیا۔ کیس کی مزید سماعت آئندہ تاریخ تک ملتوی کر دی گئی۔ شہر میں بارشوں کے باعث نشیبی علاقے زیر آب آ گئے اور ٹریفک کی روانی متاثر ہوئی۔

صوبائی حکومت نے ترقیاتی منصوبوں کے لئے فنڈز جاری کرنے کا فیصلہ کیا ہے۔ اجلاس میں سڑکوں کی تعمیر، پانی کی فراہمی اور نکاسی آب کے منصوبوں پر تفصیلی غور کیا گیا۔ وزیر اعلیٰ نے ہدایت کی کہ منصوبے مقررہ مدت میں مکمل کئے جائیں۔ شہریوں نے مطالبہ کیا ہے کہ ان کے علاقوں میں بنیادی سہولیات فراہم کی جائیں۔

بلدیاتی اداروں کو فعال بنانے کے لئے قانون سازی کی جا رہی ہے۔ ماہرین کا کہنا ہے کہ اختیارات کی نچلی سطح تک منتقلی سے عوامی مسائل جلد حل ہوں گے۔ پولیس نے شہر کے مختلف علاقوں میں کارروائیاں کر کے متعدد ملزمان کو گرفتار کر لیا۔ برآمد شدہ اسلحہ اور منشیات قبضے میں لے لی گئیں۔

فیصلہ سازی میں شفافیت اور جوابدہی کو یقینی بنایا جائے گا۔ آٹے کی قیمتوں میں استحکام کے لئے حکومت نے فوری اقدامات کا اعلان کیا ہے اور فلور ملز کو گندم کی فراہمی بڑھا دی گئی ہے۔ ذرائع کے مطابق اوپن مارکیٹ میں گندم کی قیمت میں اضافہ ہوا جبکہ سرکاری نرخ برقرار رکھنے کی کوشش جاری ہے۔ محکمہ خوراک کے حکام نے بتایا کہ ذخیرہ اندوزوں کے خلاف کارروائی کی جائے گی اور مقررہ نرخ سے زائد فروخت پر جرمانے عائد ہوں گے۔ شہریوں کا کہنا ہے کہ مہنگائی نے عام آدمی کی زندگی مشکل بنا دی ہے۔

CAA
پاکستان سول ایوی ایشن اتھارٹی (PCAA)
نوٹس طلبی ٹینڈرز
نمبر شمار	کام کا نام	تخمینہ لاگت	زر ضمانت	ٹینڈر جمع کرانے کی تاریخ
1	جناح انٹرنیشنل ایئرپورٹ کراچی پر کام	190,000/-	2000/-	03-08-2022
کاشف جدون (سول) ڈی سی ای
022-9260334
"WEAR MASKS IN INDOOR, ENCLOSED PLACES"
PID(K)# 96/22	www.caapakistan.com.pk
CAA
پاکستان سول ایوی ایشن اتھارٹی (PCAA)
نوٹس طلبی ٹینڈرز
نمبر شمار	کام کا نام	تخمینہ لاگت	زر ضمانت	ٹینڈر جمع کرانے کی تاریخ
1	ایئرپورٹ عمارت کی مرمت و دیکھ بھال	460,000/-	2000/-	04-08-2022
کاشف جدون (سول) ڈی سی ای
022-9260334
"WEAR MASKS IN INDOOR, ENCLOSED PLACES"
PID(K)# 95/22	www.caapakistan.com.pk
CAA
پاکستان سول ایوی ایشن اتھارٹی (PCAA)
نوٹس طلبی ٹینڈرز
نمبر شمار	کام کا نام	تخمینہ لاگت	زر ضمانت	ٹینڈر جمع کرانے کی تاریخ
1	الیکٹریکل و سول ورکس	500,000/-	2000/-	05-08-2022
کاشف جدون (سول) ڈی سی ای
022-9260334
"WEAR MASKS IN INDOOR, ENCLOSED PLACES"
PID(K)# 97/22	www.caapakistan.com.pk
CAA
پاکستان سول ایوی ایشن اتھارٹی (PCAA)
نوٹس طلبی ٹینڈرز
نمبر شمار	کام کا نام	تخمینہ لاگت	زر ضمانت	ٹینڈر جمع کرانے کی تاریخ
1	ایئرپورٹ پر متفرق سول کام	300,000/-	2000/-	11-08-2022
کاشف جدون (سول) ڈی سی ای
022-9260334
"WEAR MASKS IN INDOOR, ENCLOSED PLACES"
PID(K)# 94/22	www.caapakistan.com.pk
